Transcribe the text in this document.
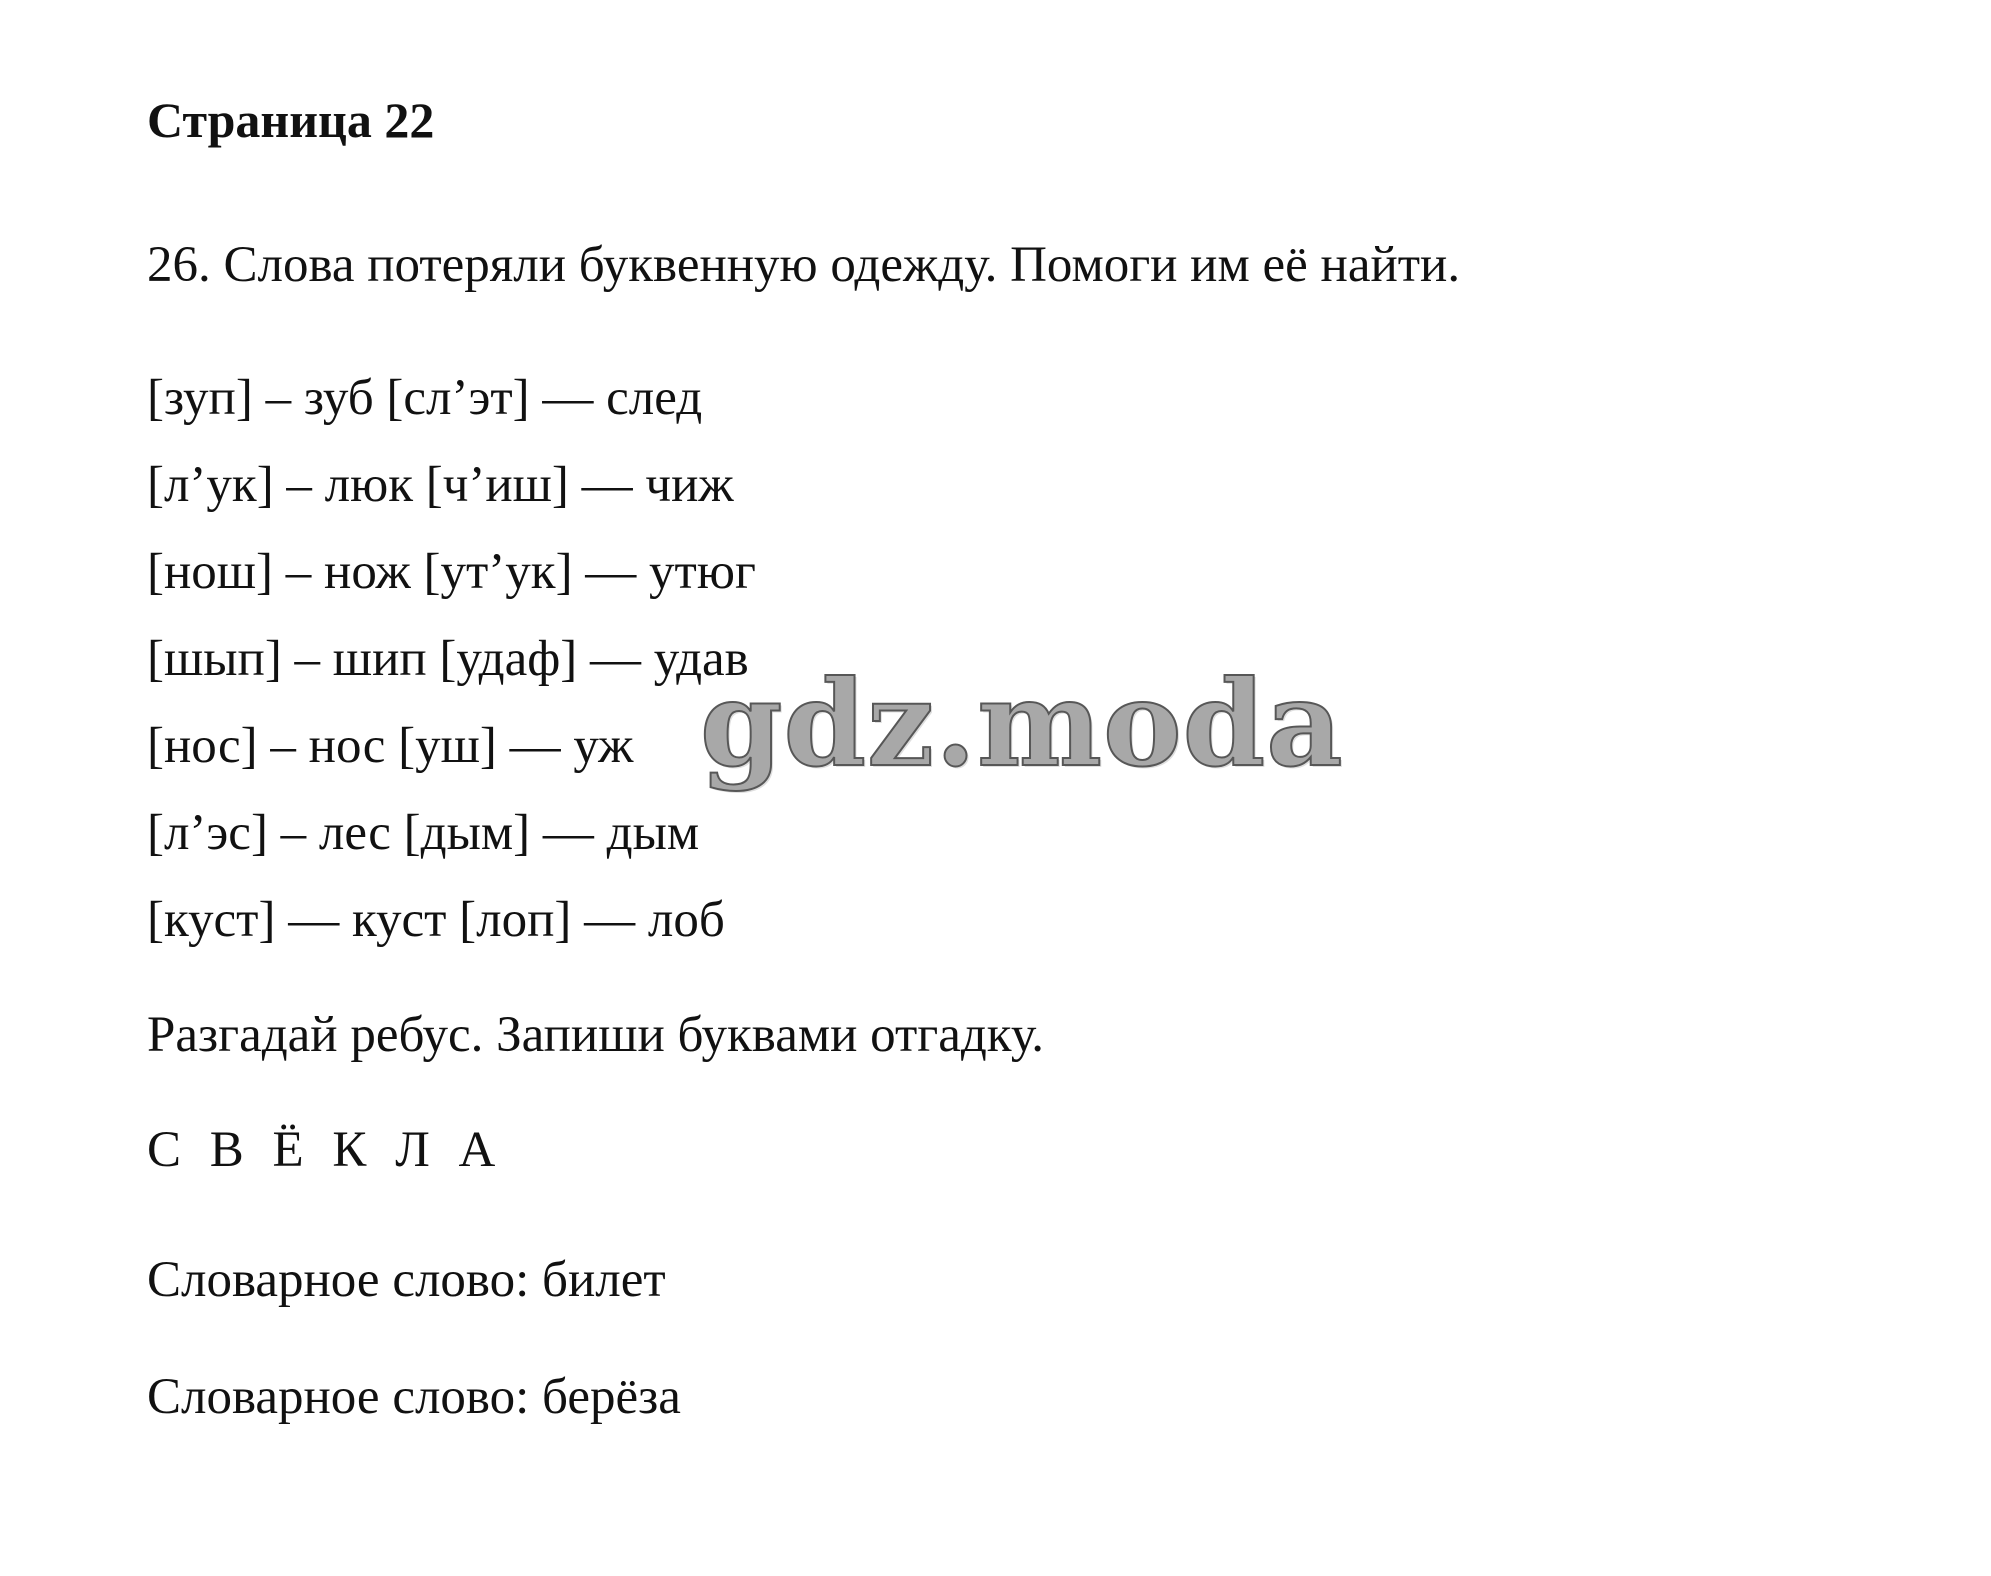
Страница 22
26. Слова потеряли буквенную одежду. Помоги им её найти.
[зуп] – зуб [сл’эт] — след
[л’ук] – люк [ч’иш] — чиж
[нош] – нож [ут’ук] — утюг
[шып] – шип [удаф] — удав
[нос] – нос [уш] — уж
[л’эс] – лес [дым] — дым
[куст] — куст [лоп] — лоб
Разгадай ребус. Запиши буквами отгадку.
С В Ё К Л А
Словарное слово: билет
Словарное слово: берёза
gdz.moda
